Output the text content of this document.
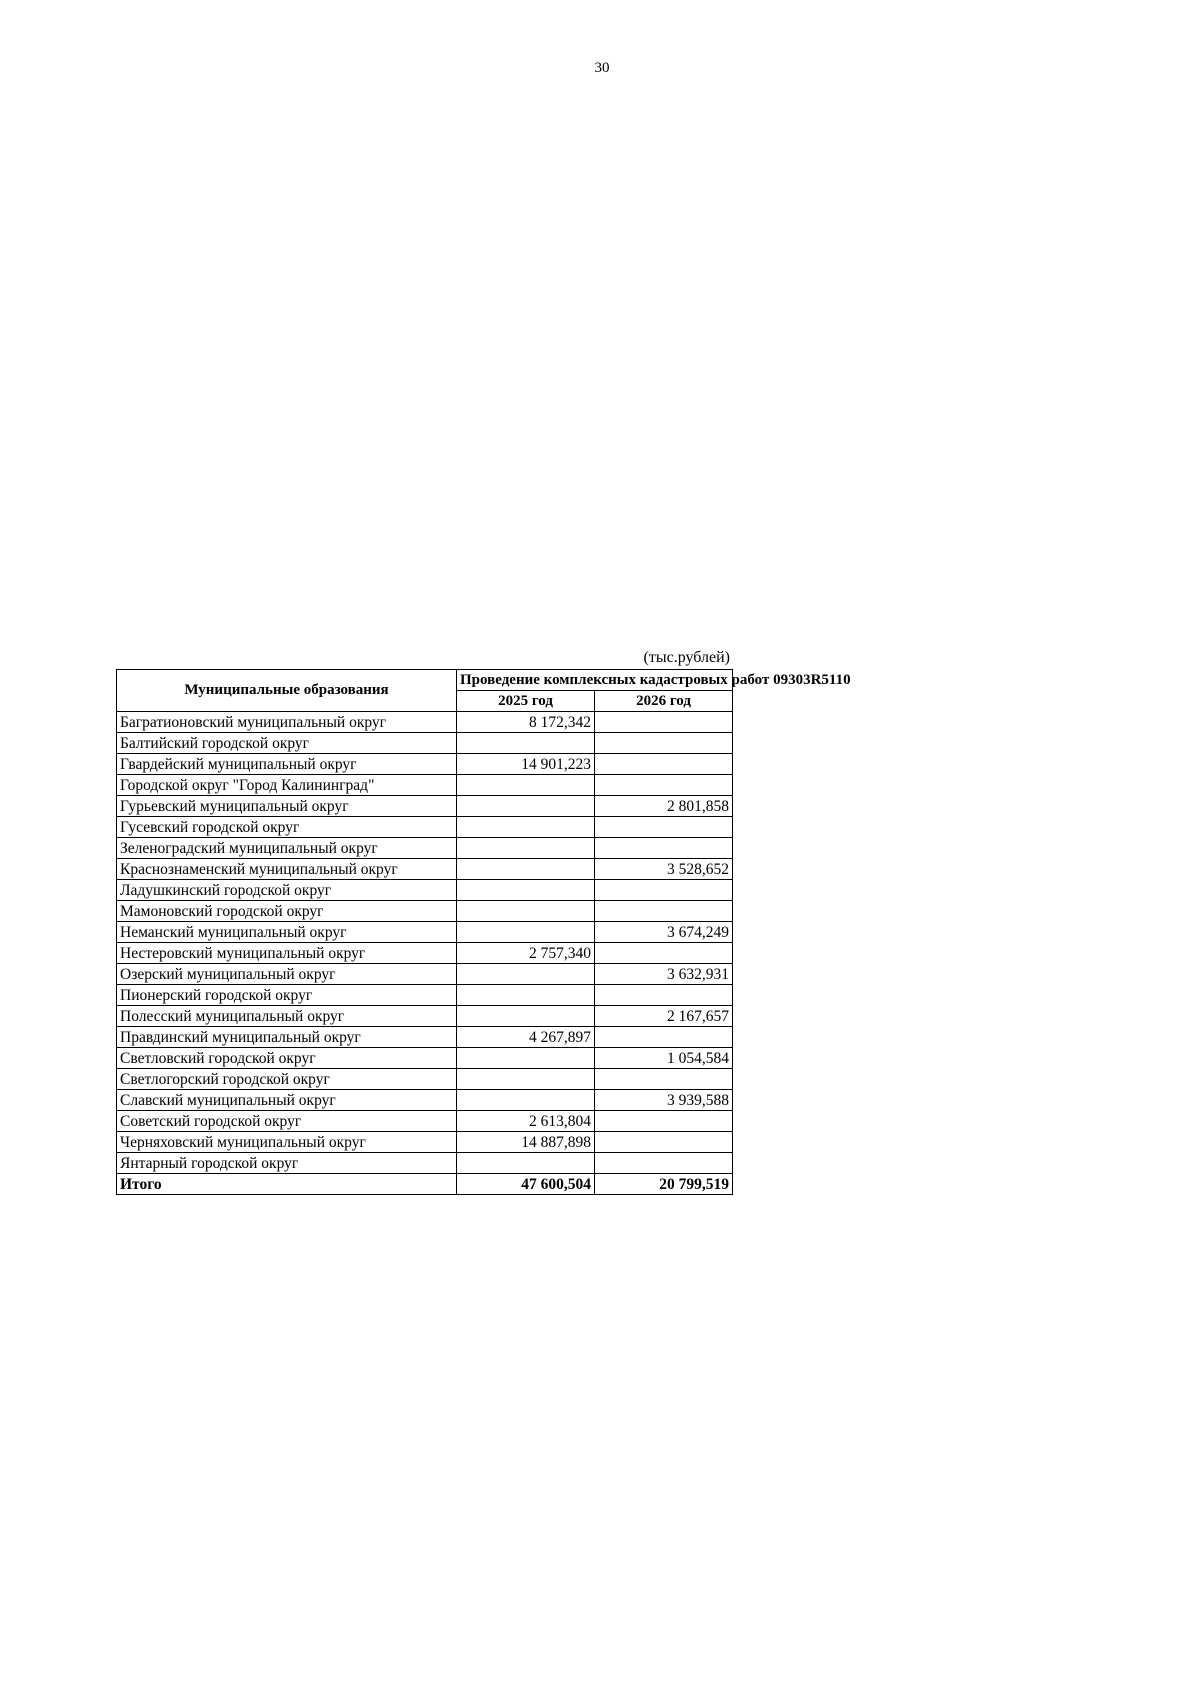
30
(тыс.рублей)
Муниципальные образования	Проведение комплексных кадастровых работ 09303R5110	
	2025 год	2026 год
Багратионовский муниципальный округ	8 172,342	
Балтийский городской округ		
Гвардейский муниципальный округ	14 901,223	
Городской округ "Город Калининград"		
Гурьевский муниципальный округ		2 801,858
Гусевский городской округ		
Зеленоградский муниципальный округ		
Краснознаменский муниципальный округ		3 528,652
Ладушкинский городской округ		
Мамоновский городской округ		
Неманский муниципальный округ		3 674,249
Нестеровский муниципальный округ	2 757,340	
Озерский муниципальный округ		3 632,931
Пионерский городской округ		
Полесский муниципальный округ		2 167,657
Правдинский муниципальный округ	4 267,897	
Светловский городской округ		1 054,584
Светлогорский городской округ		
Славский муниципальный округ		3 939,588
Советский городской округ	2 613,804	
Черняховский муниципальный округ	14 887,898	
Янтарный городской округ		
Итого	47 600,504	20 799,519
